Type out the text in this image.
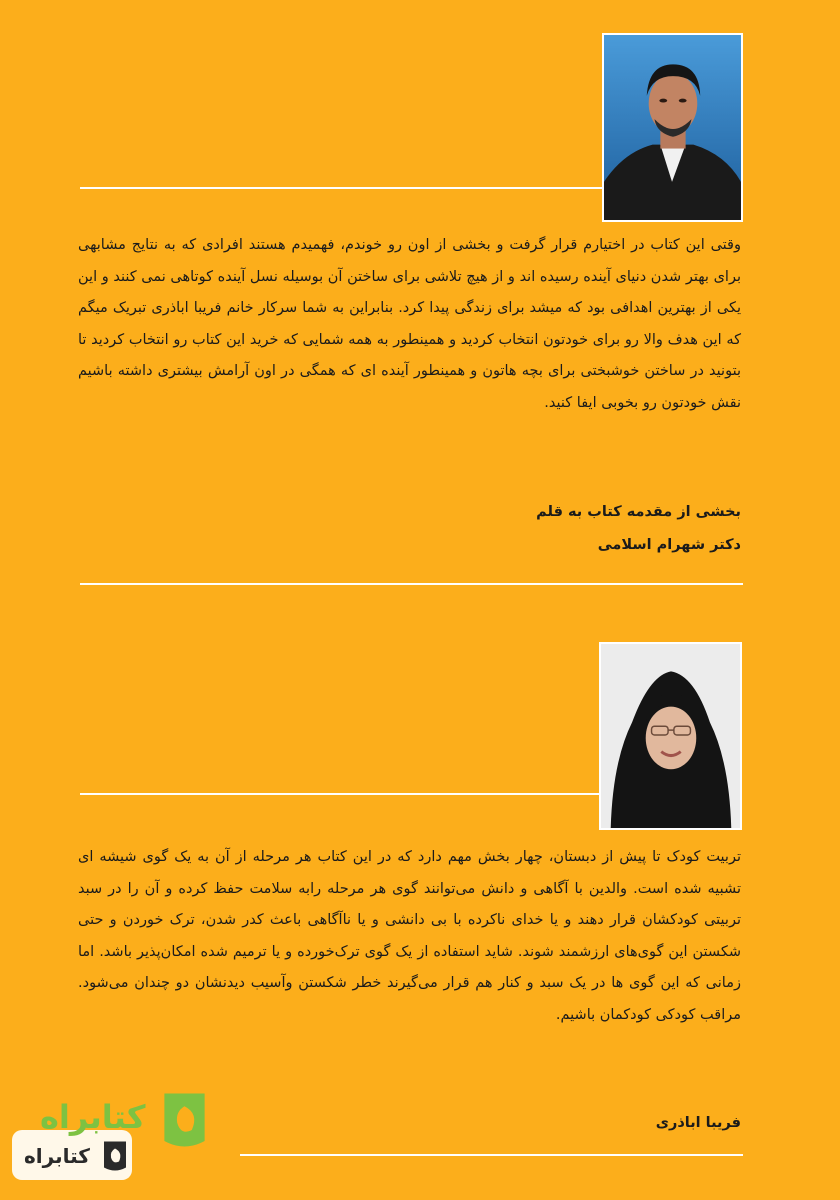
وقتی این کتاب در اختیارم قرار گرفت و بخشی از اون رو خوندم، فهمیدم هستند افرادی که به نتایج مشابهی برای بهتر شدن دنیای آینده رسیده اند و از هیچ تلاشی برای ساختن آن بوسیله نسل آینده کوتاهی نمی کنند و این یکی از بهترین اهدافی بود که میشد برای زندگی پیدا کرد. بنابراین به شما سرکار خانم فریبا اباذری تبریک میگم که این هدف والا رو برای خودتون انتخاب کردید و همینطور به همه شمایی که خرید این کتاب رو انتخاب کردید تا بتونید در ساختن خوشبختی برای بچه هاتون و همینطور آینده ای که همگی در اون آرامش بیشتری داشته باشیم نقش خودتون رو بخوبی ایفا کنید.

بخشی از مقدمه کتاب به قلم
دکتر شهرام اسلامی

تربیت کودک تا پیش از دبستان، چهار بخش مهم دارد که در این کتاب هر مرحله از آن به یک گوی شیشه ای تشبیه شده است. والدین با آگاهی و دانش می‌توانند گوی هر مرحله رابه سلامت حفظ کرده و آن را در سبد تربیتی کودکشان قرار دهند و یا خدای ناکرده با بی دانشی و یا ناآگاهی باعث کدر شدن، ترک خوردن و حتی شکستن این گوی‌های ارزشمند شوند. شاید استفاده از یک گوی ترک‌خورده و یا ترمیم شده امکان‌پذیر باشد. اما زمانی که این گوی ها در یک سبد و کنار هم قرار می‌گیرند خطر شکستن وآسیب دیدنشان دو چندان می‌شود. مراقب کودکی کودکمان باشیم.

فریبا اباذری
کتابراه
کتابراه
